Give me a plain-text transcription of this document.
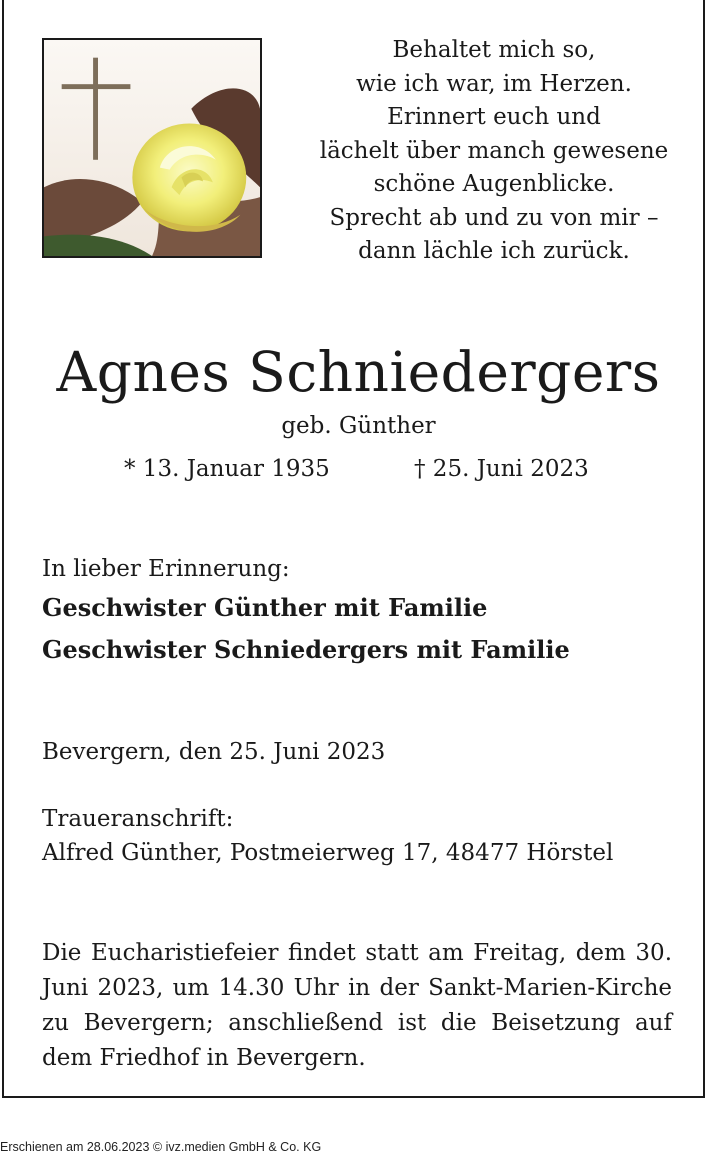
Behaltet mich so,
wie ich war, im Herzen.
Erinnert euch und
lächelt über manch gewesene
schöne Augenblicke.
Sprecht ab und zu von mir –
dann lächle ich zurück.
Agnes Schniedergers
geb. Günther
* 13. Januar 1935	† 25. Juni 2023
In lieber Erinnerung:
Geschwister Günther mit Familie
Geschwister Schniedergers mit Familie
Bevergern, den 25. Juni 2023
Traueranschrift:
Alfred Günther, Postmeierweg 17, 48477 Hörstel
Die Eucharistiefeier findet statt am Freitag, dem 30. Juni 2023, um 14.30 Uhr in der Sankt-Marien-Kirche zu Bevergern; anschließend ist die Beisetzung auf dem Friedhof in Bevergern.
Erschienen am 28.06.2023 © ivz.medien GmbH & Co. KG
